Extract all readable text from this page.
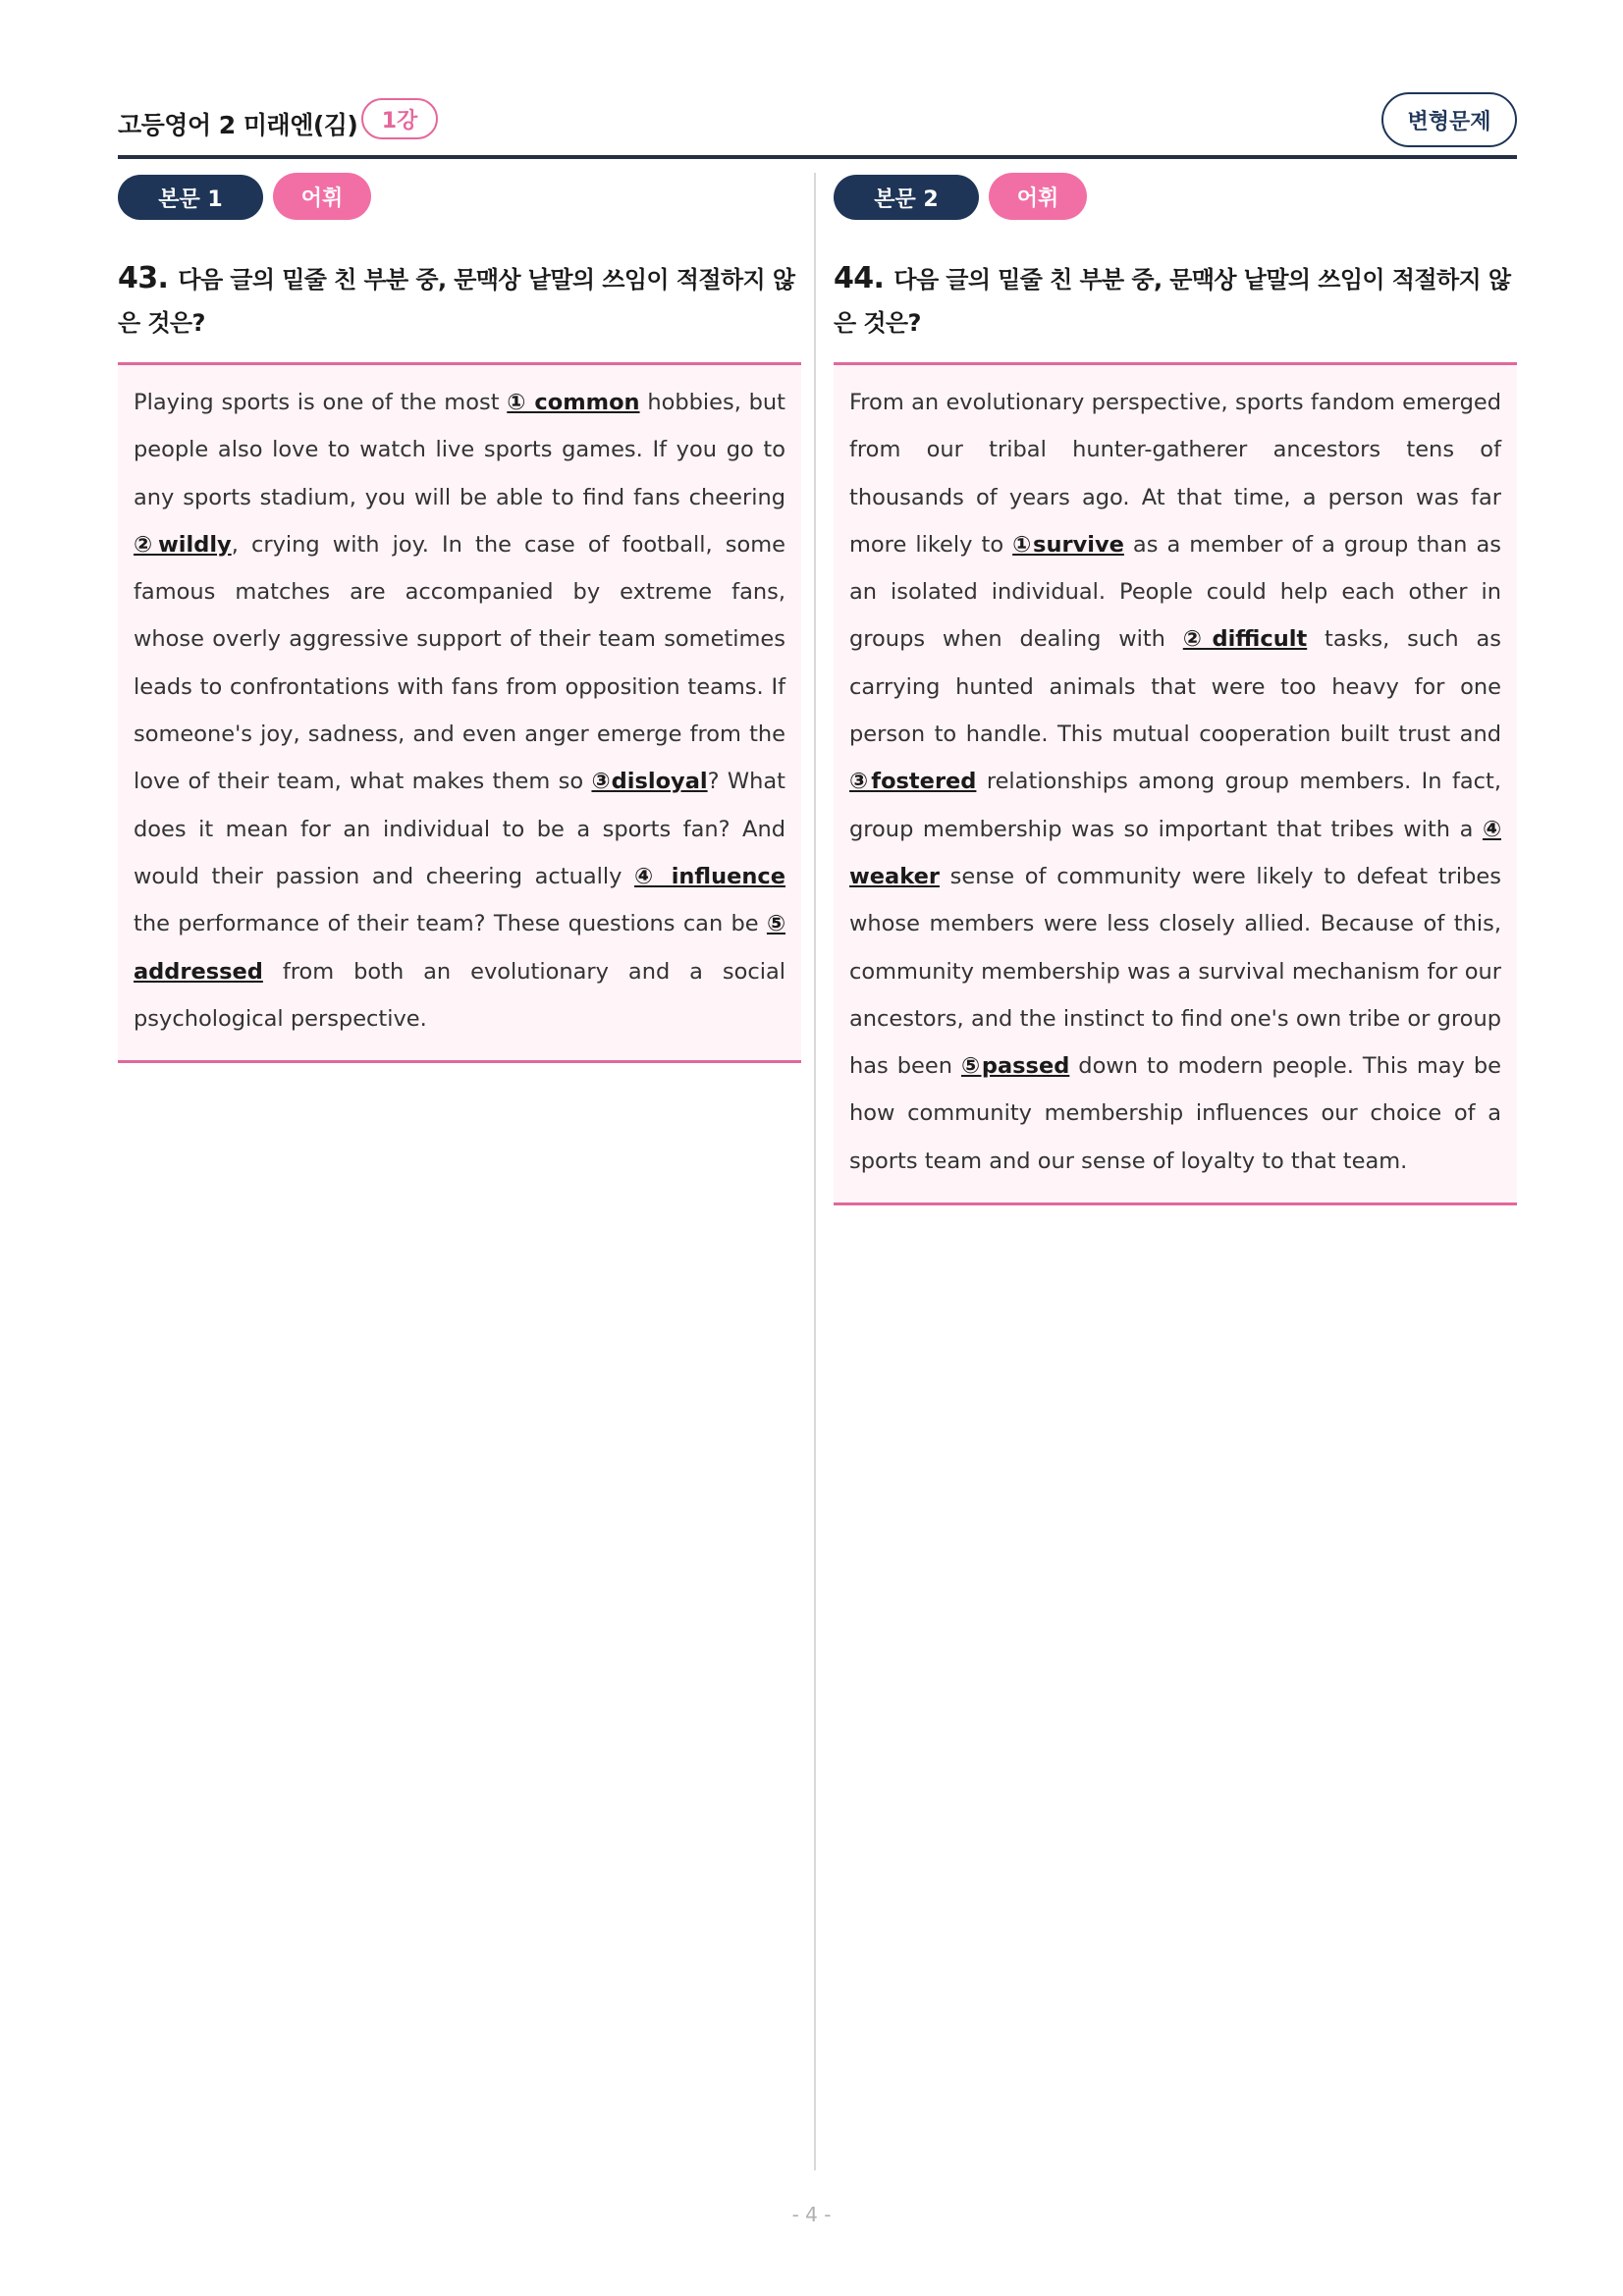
고등영어 2 미래엔(김)	1강	변형문제
본문 1	어휘
43. 다음 글의 밑줄 친 부분 중, 문맥상 낱말의 쓰임이 적절하지 않은 것은?
Playing sports is one of the most ① common hobbies, but people also love to watch live sports games. If you go to any sports stadium, you will be able to find fans cheering ②wildly, crying with joy. In the case of football, some famous matches are accompanied by extreme fans, whose overly aggressive support of their team sometimes leads to confrontations with fans from opposition teams. If someone's joy, sadness, and even anger emerge from the love of their team, what makes them so ③disloyal? What does it mean for an individual to be a sports fan? And would their passion and cheering actually ④ influence the performance of their team? These questions can be ⑤ addressed from both an evolutionary and a social psychological perspective.
본문 2	어휘
44. 다음 글의 밑줄 친 부분 중, 문맥상 낱말의 쓰임이 적절하지 않은 것은?
From an evolutionary perspective, sports fandom emerged from our tribal hunter-gatherer ancestors tens of thousands of years ago. At that time, a person was far more likely to ①survive as a member of a group than as an isolated individual. People could help each other in groups when dealing with ②difficult tasks, such as carrying hunted animals that were too heavy for one person to handle. This mutual cooperation built trust and ③fostered relationships among group members. In fact, group membership was so important that tribes with a ④ weaker sense of community were likely to defeat tribes whose members were less closely allied. Because of this, community membership was a survival mechanism for our ancestors, and the instinct to find one's own tribe or group has been ⑤passed down to modern people. This may be how community membership influences our choice of a sports team and our sense of loyalty to that team.
- 4 -
